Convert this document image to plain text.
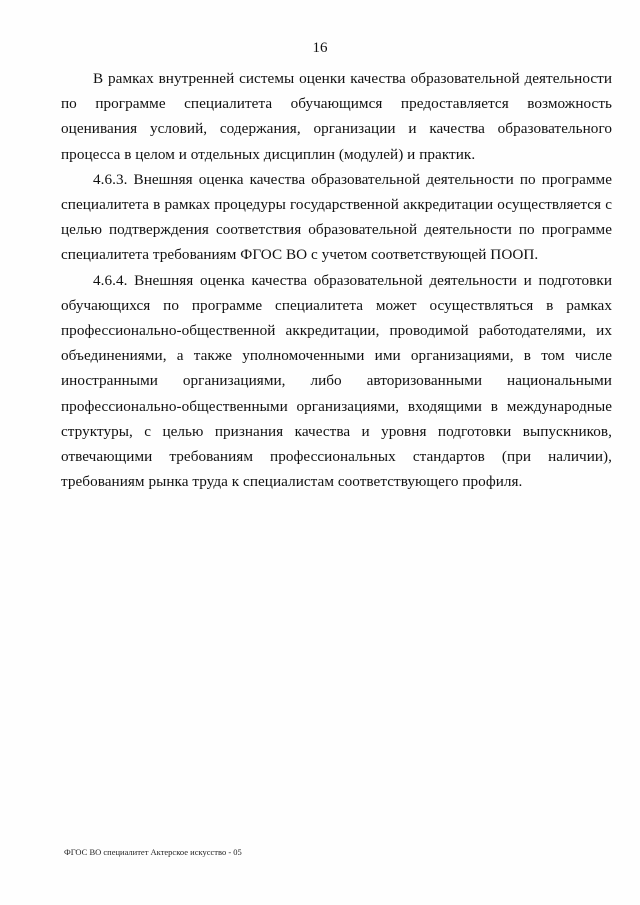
16

В рамках внутренней системы оценки качества образовательной деятельности по программе специалитета обучающимся предоставляется возможность оценивания условий, содержания, организации и качества образовательного процесса в целом и отдельных дисциплин (модулей) и практик.

4.6.3. Внешняя оценка качества образовательной деятельности по программе специалитета в рамках процедуры государственной аккредитации осуществляется с целью подтверждения соответствия образовательной деятельности по программе специалитета требованиям ФГОС ВО с учетом соответствующей ПООП.

4.6.4. Внешняя оценка качества образовательной деятельности и подготовки обучающихся по программе специалитета может осуществляться в рамках профессионально-общественной аккредитации, проводимой работодателями, их объединениями, а также уполномоченными ими организациями, в том числе иностранными организациями, либо авторизованными национальными профессионально-общественными организациями, входящими в международные структуры, с целью признания качества и уровня подготовки выпускников, отвечающими требованиям профессиональных стандартов (при наличии), требованиям рынка труда к специалистам соответствующего профиля.

ФГОС ВО специалитет Актерское искусство - 05
